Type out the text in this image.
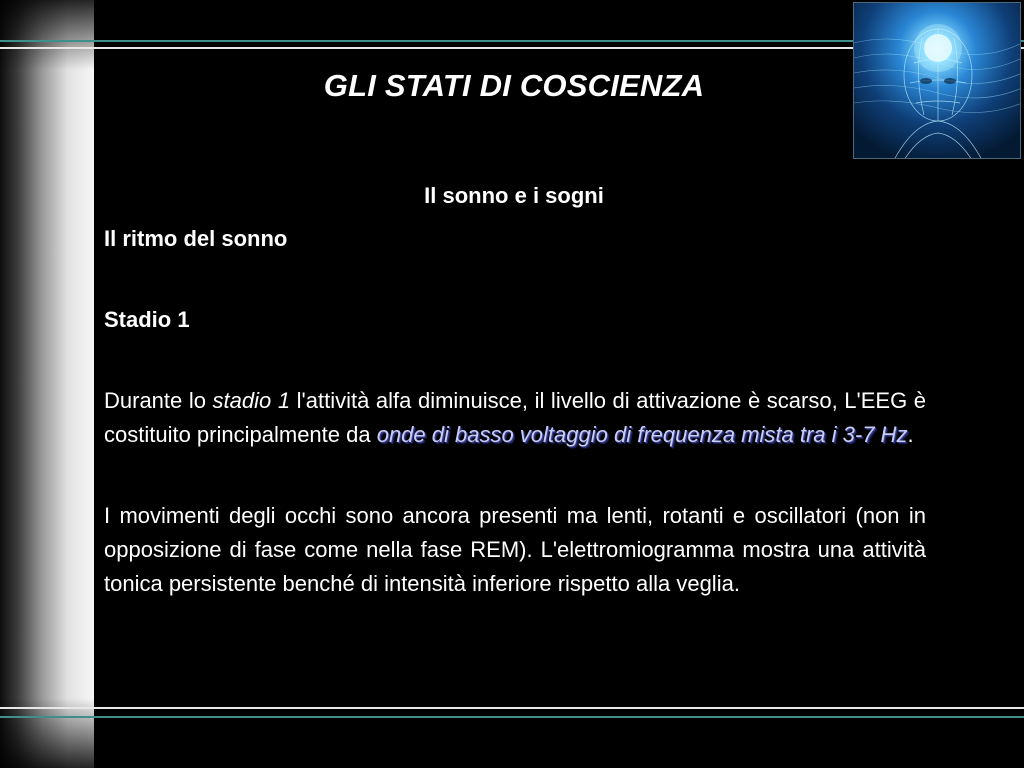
GLI STATI DI COSCIENZA
Il sonno e i sogni

Il ritmo del sonno

Stadio 1

Durante lo stadio 1 l'attività alfa diminuisce, il livello di attivazione è scarso, L'EEG è costituito principalmente da onde di basso voltaggio di frequenza mista tra i 3-7 Hz.

I movimenti degli occhi sono ancora presenti ma lenti, rotanti e oscillatori (non in opposizione di fase come nella fase REM). L'elettromiogramma mostra una attività tonica persistente benché di intensità inferiore rispetto alla veglia.
